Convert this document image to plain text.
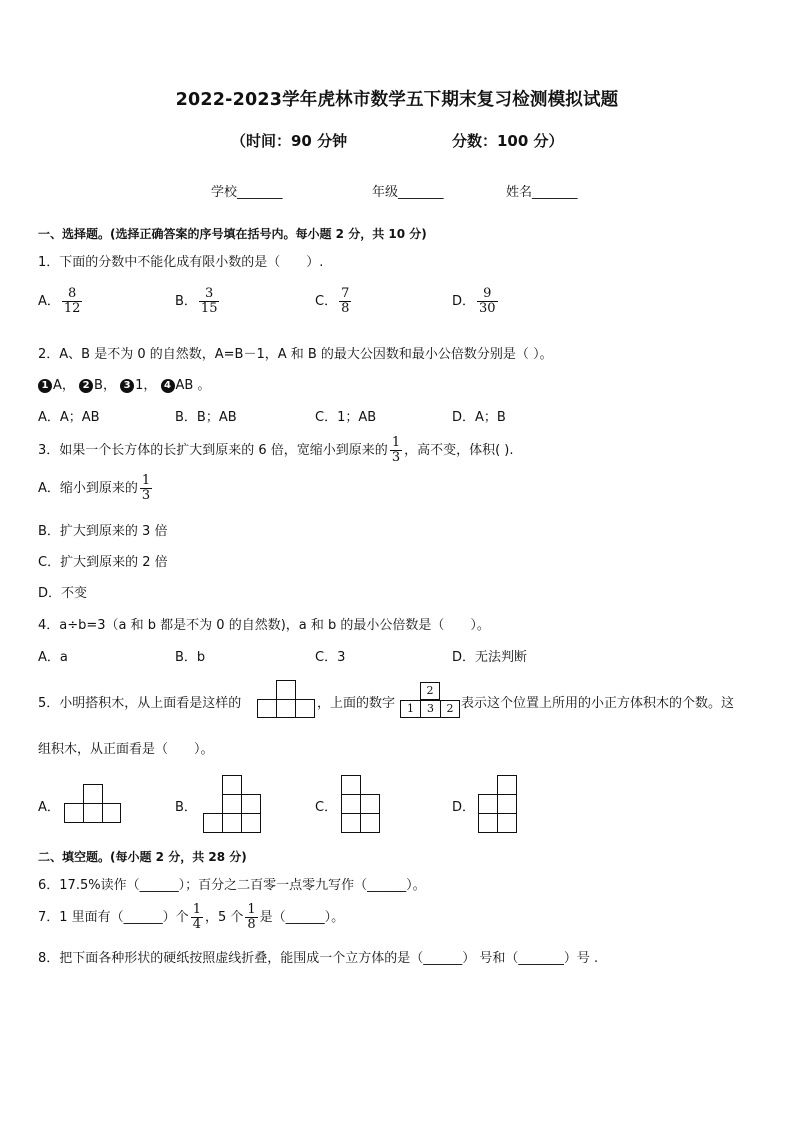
2022-2023学年虎林市数学五下期末复习检测模拟试题
（时间：90 分钟	分数：100 分）
学校_______	年级_______	姓名_______
一、选择题。(选择正确答案的序号填在括号内。每小题 2 分，共 10 分)
1．下面的分数中不能化成有限小数的是（　　）.
A． $\frac{8}{12}$	B． $\frac{3}{15}$	C． $\frac{7}{8}$	D． $\frac{9}{30}$
2．A、B 是不为 0 的自然数，A=B－1，A 和 B 的最大公因数和最小公倍数分别是（ ）。
1 A， 2 B， 3 1， 4 AB 。
A．A；AB	B．B；AB	C．1；AB	D．A；B
3．如果一个长方体的长扩大到原来的 6 倍，宽缩小到原来的 $\frac{1}{3}$ ，高不变，体积( ).
A．缩小到原来的 $\frac{1}{3}$
B．扩大到原来的 3 倍
C．扩大到原来的 2 倍
D．不变
4．a÷b=3（a 和 b 都是不为 0 的自然数)，a 和 b 的最小公倍数是（　　）。
A．a	B．b	C．3	D．无法判断
5．小明搭积木，从上面看是这样的	，上面的数字
2
1	3	2 表示这个位置上所用的小正方体积木的个数。这
组积木，从正面看是（　　）。
A．	B．	C．	D．
二、填空题。(每小题 2 分，共 28 分)
6．17.5%读作（______）；百分之二百零一点零九写作（______）。
7．1 里面有（______）个 $\frac{1}{4}$ ，5 个 $\frac{1}{8}$ 是（______）。
8．把下面各种形状的硬纸按照虚线折叠，能围成一个立方体的是（______） 号和（_______）号 .
